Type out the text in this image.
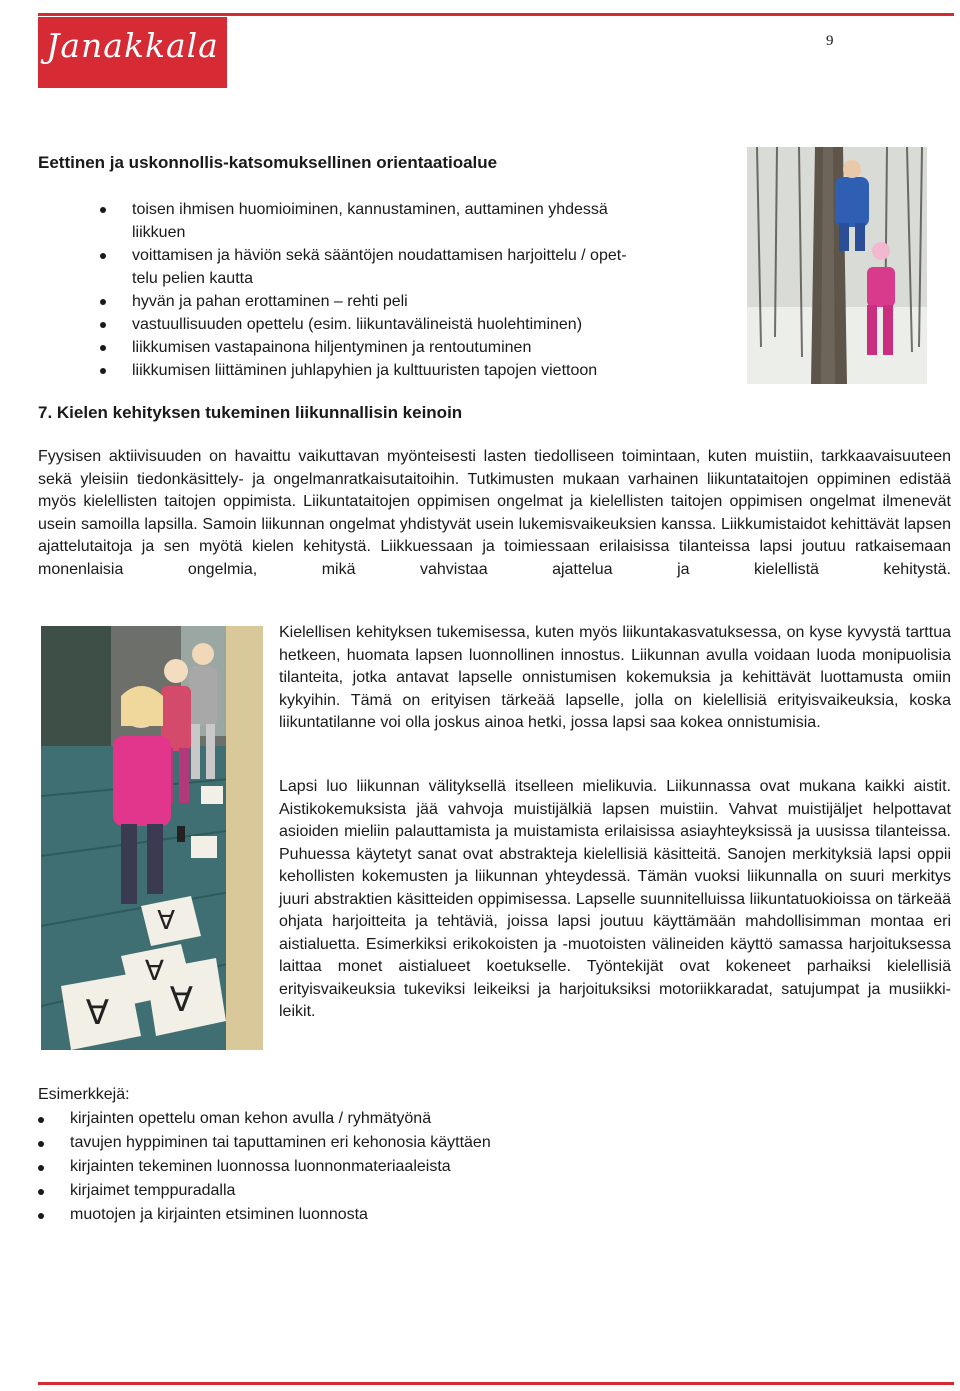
Janakkala	9
Eettinen ja uskonnollis-katsomuksellinen orientaatioalue
toisen ihmisen huomioiminen, kannustaminen, auttaminen yhdessä
liikkuen
voittamisen ja häviön sekä sääntöjen noudattamisen harjoittelu / opet-
telu pelien kautta
hyvän ja pahan erottaminen – rehti peli
vastuullisuuden opettelu (esim. liikuntavälineistä huolehtiminen)
liikkumisen vastapainona hiljentyminen ja rentoutuminen
liikkumisen liittäminen juhlapyhien ja kulttuuristen tapojen viettoon
7. Kielen kehityksen tukeminen liikunnallisin keinoin

Fyysisen aktiivisuuden on havaittu vaikuttavan myönteisesti lasten tiedolliseen toimintaan, kuten muistiin, tarkkaavaisuuteen sekä yleisiin tiedonkäsittely- ja ongelmanratkaisutaitoihin. Tutkimusten mukaan varhainen liikuntataitojen oppiminen edistää myös kielellisten taitojen oppimista. Liikuntataitojen oppimisen ongelmat ja kielellisten taitojen oppimisen ongelmat ilmenevät usein samoilla lapsilla. Samoin liikunnan ongelmat yhdistyvät usein lukemisvaikeuksien kanssa. Liikkumistaidot kehittävät lapsen ajattelutaitoja ja sen myötä kielen kehitystä. Liikkuessaan ja toimiessaan erilaisissa tilanteissa lapsi joutuu ratkaisemaan monenlaisia ongelmia, mikä vahvistaa ajattelua ja kielellistä kehitystä.

A
A
A A

Kielellisen kehityksen tukemisessa, kuten myös liikuntakasvatuksessa, on kyse kyvystä tarttua hetkeen, huomata lapsen luonnollinen innostus. Liikunnan avulla voidaan luoda monipuolisia tilanteita, jotka antavat lapselle onnistumisen kokemuksia ja kehittävät luottamusta omiin kykyihin. Tämä on erityisen tärkeää lapselle, jolla on kielellisiä erityisvaikeuksia, koska liikuntatilanne voi olla joskus ainoa hetki, jossa lapsi saa kokea onnistumisia.

Lapsi luo liikunnan välityksellä itselleen mielikuvia. Liikunnassa ovat mukana kaikki aistit. Aistikokemuksista jää vahvoja muistijälkiä lapsen muistiin. Vahvat muistijäljet helpottavat asioiden mieliin palauttamista ja muistamista erilaisissa asiayhteyksissä ja uusissa tilanteissa. Puhuessa käytetyt sanat ovat abstrakteja kielellisiä käsitteitä. Sanojen merkityksiä lapsi oppii kehollisten kokemusten ja liikunnan yhteydessä. Tämän vuoksi liikunnalla on suuri merkitys juuri abstraktien käsitteiden oppimisessa. Lapselle suunnitelluissa liikuntatuokioissa on tärkeää ohjata harjoitteita ja tehtäviä, joissa lapsi joutuu käyttämään mahdollisimman montaa eri aistialuetta. Esimerkiksi erikokoisten ja -muotoisten välineiden käyttö samassa harjoituksessa laittaa monet aistialueet koetukselle. Työntekijät ovat kokeneet parhaiksi kielellisiä erityisvaikeuksia tukeviksi leikeiksi ja harjoituksiksi motoriikkaradat, satujumpat ja musiikki-leikit.

Esimerkkejä:
kirjainten opettelu oman kehon avulla / ryhmätyönä
tavujen hyppiminen tai taputtaminen eri kehonosia käyttäen
kirjainten tekeminen luonnossa luonnonmateriaaleista
kirjaimet temppuradalla
muotojen ja kirjainten etsiminen luonnosta
